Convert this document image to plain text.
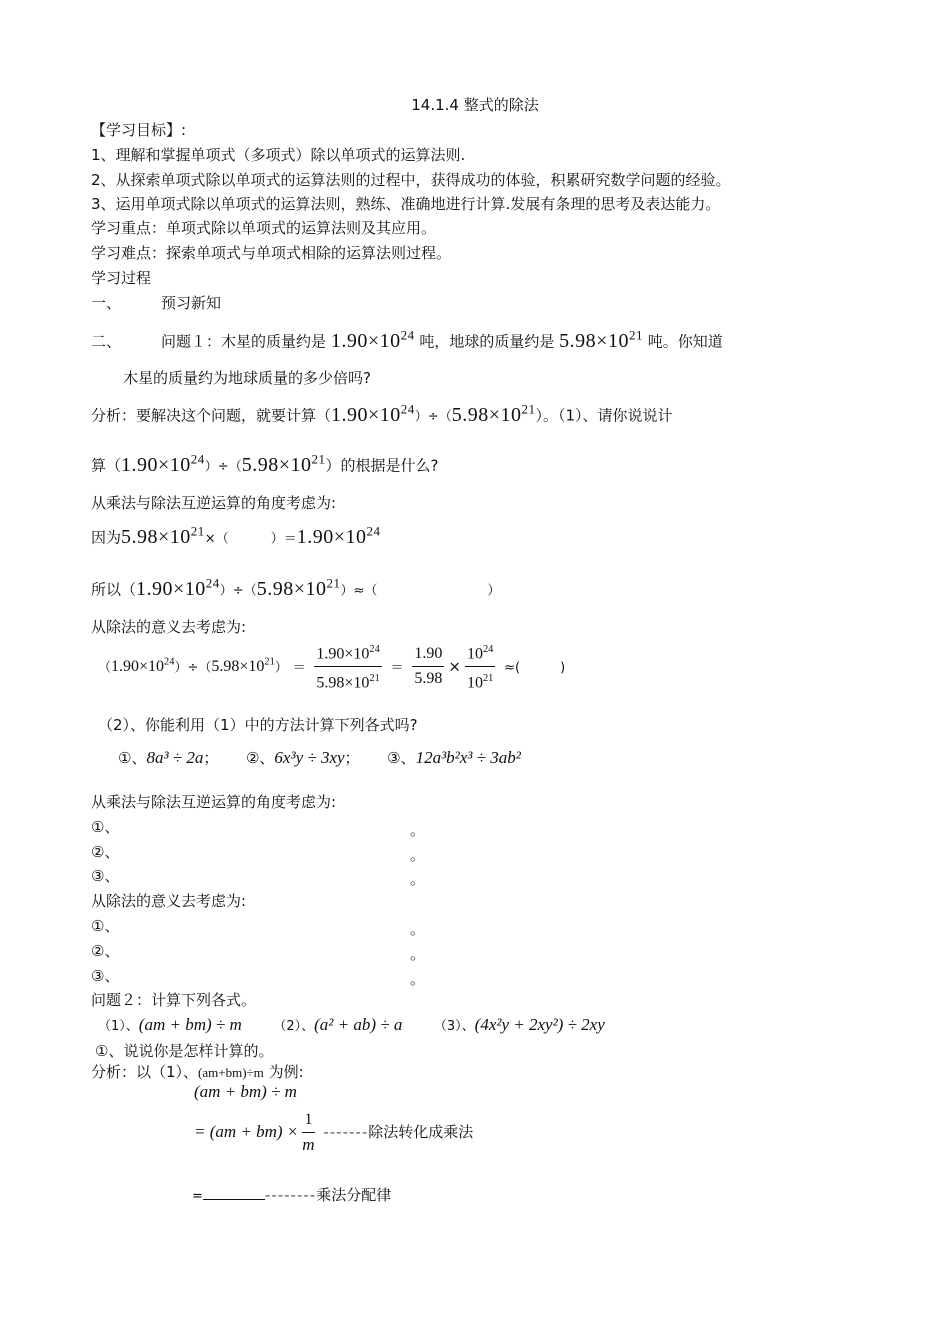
14.1.4 整式的除法
【学习目标】:
1、理解和掌握单项式（多项式）除以单项式的运算法则.
2、从探索单项式除以单项式的运算法则的过程中，获得成功的体验，积累研究数学问题的经验。
3、运用单项式除以单项式的运算法则，熟练、准确地进行计算.发展有条理的思考及表达能力。
学习重点：单项式除以单项式的运算法则及其应用。
学习难点：探索单项式与单项式相除的运算法则过程。
学习过程
一、	预习新知
二、	问题１：木星的质量约是 $1.90\times 10^{24}$ 吨，地球的质量约是 $5.98\times 10^{21}$ 吨。你知道
木星的质量约为地球质量的多少倍吗?
分析：要解决这个问题，就要计算$(1.90\times 10^{24})\div(5.98\times 10^{21})$。（1）、请你说说计
算$(1.90\times 10^{24})\div(5.98\times 10^{21})$的根据是什么?
从乘法与除法互逆运算的角度考虑为:
因为$5.98\times 10^{21}\times$（	）$=1.90\times 10^{24}$
所以$(1.90\times 10^{24})\div(5.98\times 10^{21})\approx$（	）
从除法的意义去考虑为:
$(1.90\times 10^{24})\div(5.98\times 10^{21}) = \frac{1.90\times 10^{24}}{5.98\times 10^{21}} = \frac{1.90}{5.98} \times \frac{10^{24}}{10^{21}}$ ≈(	)
（2）、你能利用（1）中的方法计算下列各式吗?
①、8a³ ÷ 2a； ②、6x³y ÷ 3xy； ③、12a³b²x³ ÷ 3ab²
从乘法与除法互逆运算的角度考虑为:
①、	。
②、	。
③、	。
从除法的意义去考虑为:
①、	。
②、	。
③、	。
问题２：计算下列各式。
（1）、(am + bm) ÷ m （2）、(a² + ab) ÷ a （3）、(4x²y + 2xy²) ÷ 2xy
①、说说你是怎样计算的。
分析：以（1）、(am+bm)÷m 为例:
(am + bm) ÷ m
= $(am + bm) \times \frac{1}{m}$ -------除法转化成乘法
=	--------乘法分配律
